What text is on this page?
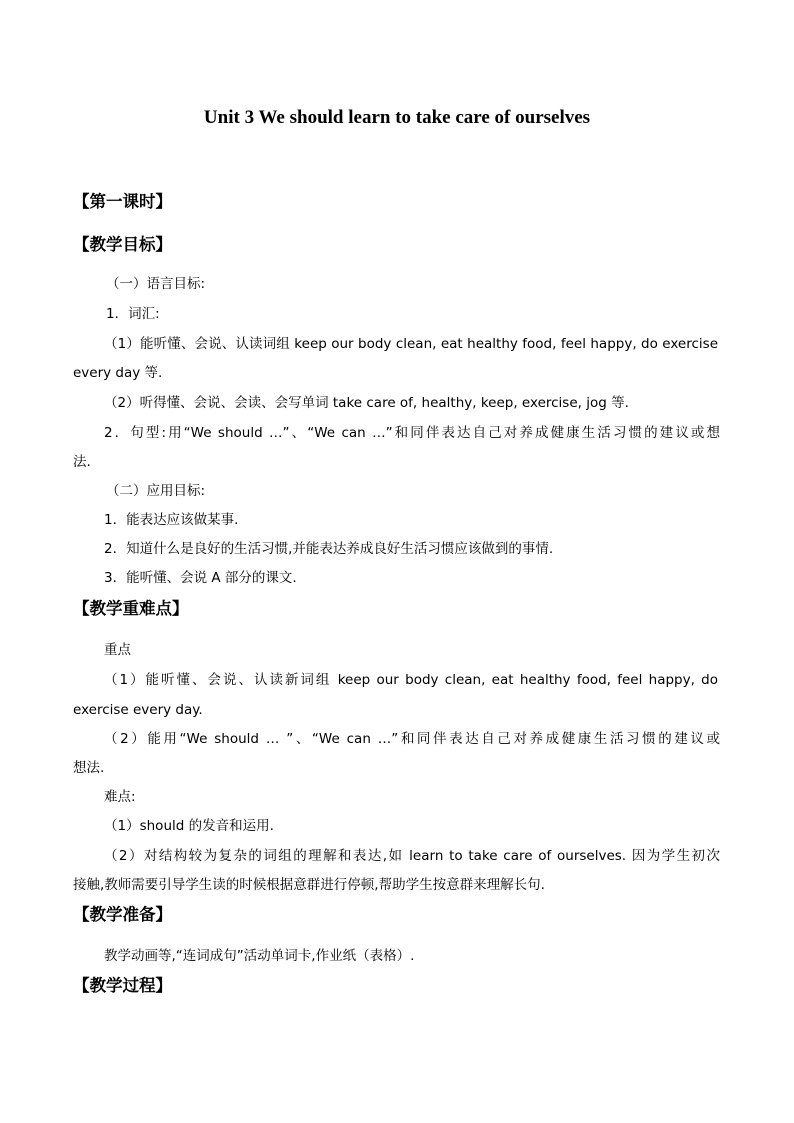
Unit 3 We should learn to take care of ourselves
【第一课时】
【教学目标】
（一）语言目标:
1．词汇:
（1）能听懂、会说、认读词组 keep our body clean, eat healthy food, feel happy, do exercise
every day 等.
（2）听得懂、会说、会读、会写单词 take care of, healthy, keep, exercise, jog 等.
2．句型:用“We should …”、“We can …”和同伴表达自己对养成健康生活习惯的建议或想
法.
（二）应用目标:
1．能表达应该做某事.
2．知道什么是良好的生活习惯,并能表达养成良好生活习惯应该做到的事情.
3．能听懂、会说 A 部分的课文.
【教学重难点】
重点
（1）能听懂、会说、认读新词组 keep our body clean, eat healthy food, feel happy, do
exercise every day.
（2）能用“We should … ”、“We can …”和同伴表达自己对养成健康生活习惯的建议或
想法.
难点:
（1）should 的发音和运用.
（2）对结构较为复杂的词组的理解和表达,如 learn to take care of ourselves. 因为学生初次
接触,教师需要引导学生读的时候根据意群进行停顿,帮助学生按意群来理解长句.
【教学准备】
教学动画等,“连词成句”活动单词卡,作业纸（表格）.
【教学过程】
